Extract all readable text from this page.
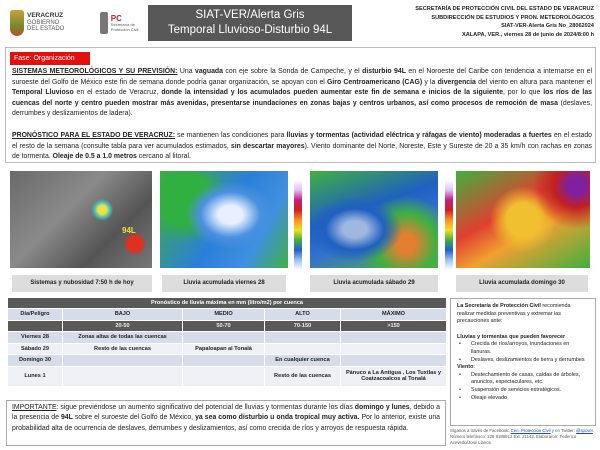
VERACRUZ
GOBIERNO
DEL ESTADO
PC
Secretaría de Protección Civil
SIAT-VER/Alerta Gris
Temporal Lluvioso-Disturbio 94L
SECRETARÍA DE PROTECCIÓN CIVIL DEL ESTADO DE VERACRUZ
SUBDIRECCIÓN DE ESTUDIOS Y PRON. METEOROLÓGICOS
SIAT-VER-Alerta Gris No_28062024
XALAPA, VER., viernes 28 de junio de 2024/8:00 h
Fase: Organización
SISTEMAS METEOROLÓGICOS Y SU PREVISIÓN: Una vaguada con eje sobre la Sonda de Campeche, y el disturbio 94L en el Noroeste del Caribe con tendencia a internarse en el suroeste del Golfo de México este fin de semana donde podría ganar organización, se apoyan con el Giro Centroamericano (CAG) y la divergencia del viento en altura para mantener el Temporal Lluvioso en el estado de Veracruz, donde la intensidad y los acumulados pueden aumentar este fin de semana e inicios de la siguiente, por lo que los ríos de las cuencas del norte y centro pueden mostrar más avenidas, presentarse inundaciones en zonas bajas y centros urbanos, así como procesos de remoción de masa (deslaves, derrumbes y deslizamientos de ladera).
PRONÓSTICO PARA EL ESTADO DE VERACRUZ: se mantienen las condiciones para lluvias y tormentas (actividad eléctrica y ráfagas de viento) moderadas a fuertes en el estado el resto de la semana (consulte tabla para ver acumulados estimados, sin descartar mayores). Viento dominante del Norte, Noreste, Este y Sureste de 20 a 35 km/h con rachas en zonas de tormenta. Oleaje de 0.5 a 1.0 metros cercano al litoral.
94L
Sistemas y nubosidad 7:50 h de hoy	Lluvia acumulada viernes 28	Lluvia acumulada sábado 29	Lluvia acumulada domingo 30
Pronóstico de lluvia máxima en mm (litro/m2) por cuenca				
Día/Peligro	BAJO	MEDIO	ALTO	MÁXIMO
	20-50	50-70	70-150	>150
Viernes 28	Zonas altas de todas las cuencas			
Sábado 29	Resto de las cuencas	Papaloapan al Tonalá		
Domingo 30			En cualquier cuenca	
Lunes 1			Resto de las cuencas	Pánuco a La Antigua , Los Tuxtlas y Coatzacoalcos al Tonalá
La Secretaría de Protección Civil recomienda realizar medidas preventivas y extremar las precauciones ante:
Lluvias y tormentas que pueden favorecer
• Crecida de ríos/arroyos, inundaciones en llanuras.
• Deslaves, deslizamientos de tierra y derrumbes
Viento:
• Destechamiento de casas, caídas de árboles, anuncios, espectaculares, etc.
• Suspensión de servicios estratégicos.
• Oleaje elevado
Síganos a través de Facebook: Cen. Protección Civil y en Twitter: @spcver. Número telefónico: 228 8186812 Ext. 21142. Elaboraron: Federico Acevedo/José Llanos
IMPORTANTE: sigue previéndose un aumento significativo del potencial de lluvias y tormentas durante los días domingo y lunes, debido a la presencia de 94L sobre el suroeste del Golfo de México, ya sea como disturbio u onda tropical muy activa. Por lo anterior, existe una probabilidad alta de ocurrencia de deslaves, derrumbes y deslizamientos, así como crecida de ríos y arroyos de respuesta rápida.
